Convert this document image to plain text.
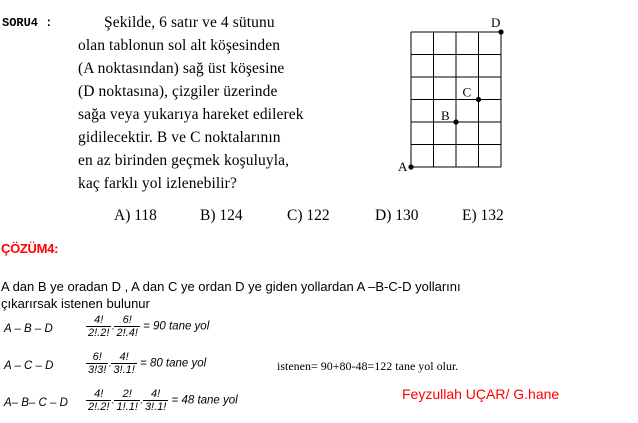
SORU4 :	Şekilde, 6 satır ve 4 sütunu
olan tablonun sol alt köşesinden
(A noktasından) sağ üst köşesine
(D noktasına), çizgiler üzerinde
sağa veya yukarıya hareket edilerek
gidilecektir. B ve C noktalarının
en az birinden geçmek koşuluyla,
kaç farklı yol izlenebilir?
A
B
C
D
A) 118	B) 124	C) 122	D) 130	E) 132
ÇÖZÜM4:
A dan B ye oradan D , A dan C ye ordan D ye giden yollardan A –B-C-D yollarını
çıkarırsak istenen bulunur
A – B – D	$\frac{4!}{2!.2!}$ . $\frac{6!}{2!.4!} = 90$ tane yol
A – C – D	$\frac{6!}{3!3!}$ . $\frac{4!}{3!.1!} = 80$ tane yol	istenen= 90+80-48=122 tane yol olur.
A– B– C – D $\frac{4!}{2!.2!}$ . $\frac{2!}{1!.1!}$ . $\frac{4!}{3!.1!} = 48$ tane yol	Feyzullah UÇAR/ G.hane
